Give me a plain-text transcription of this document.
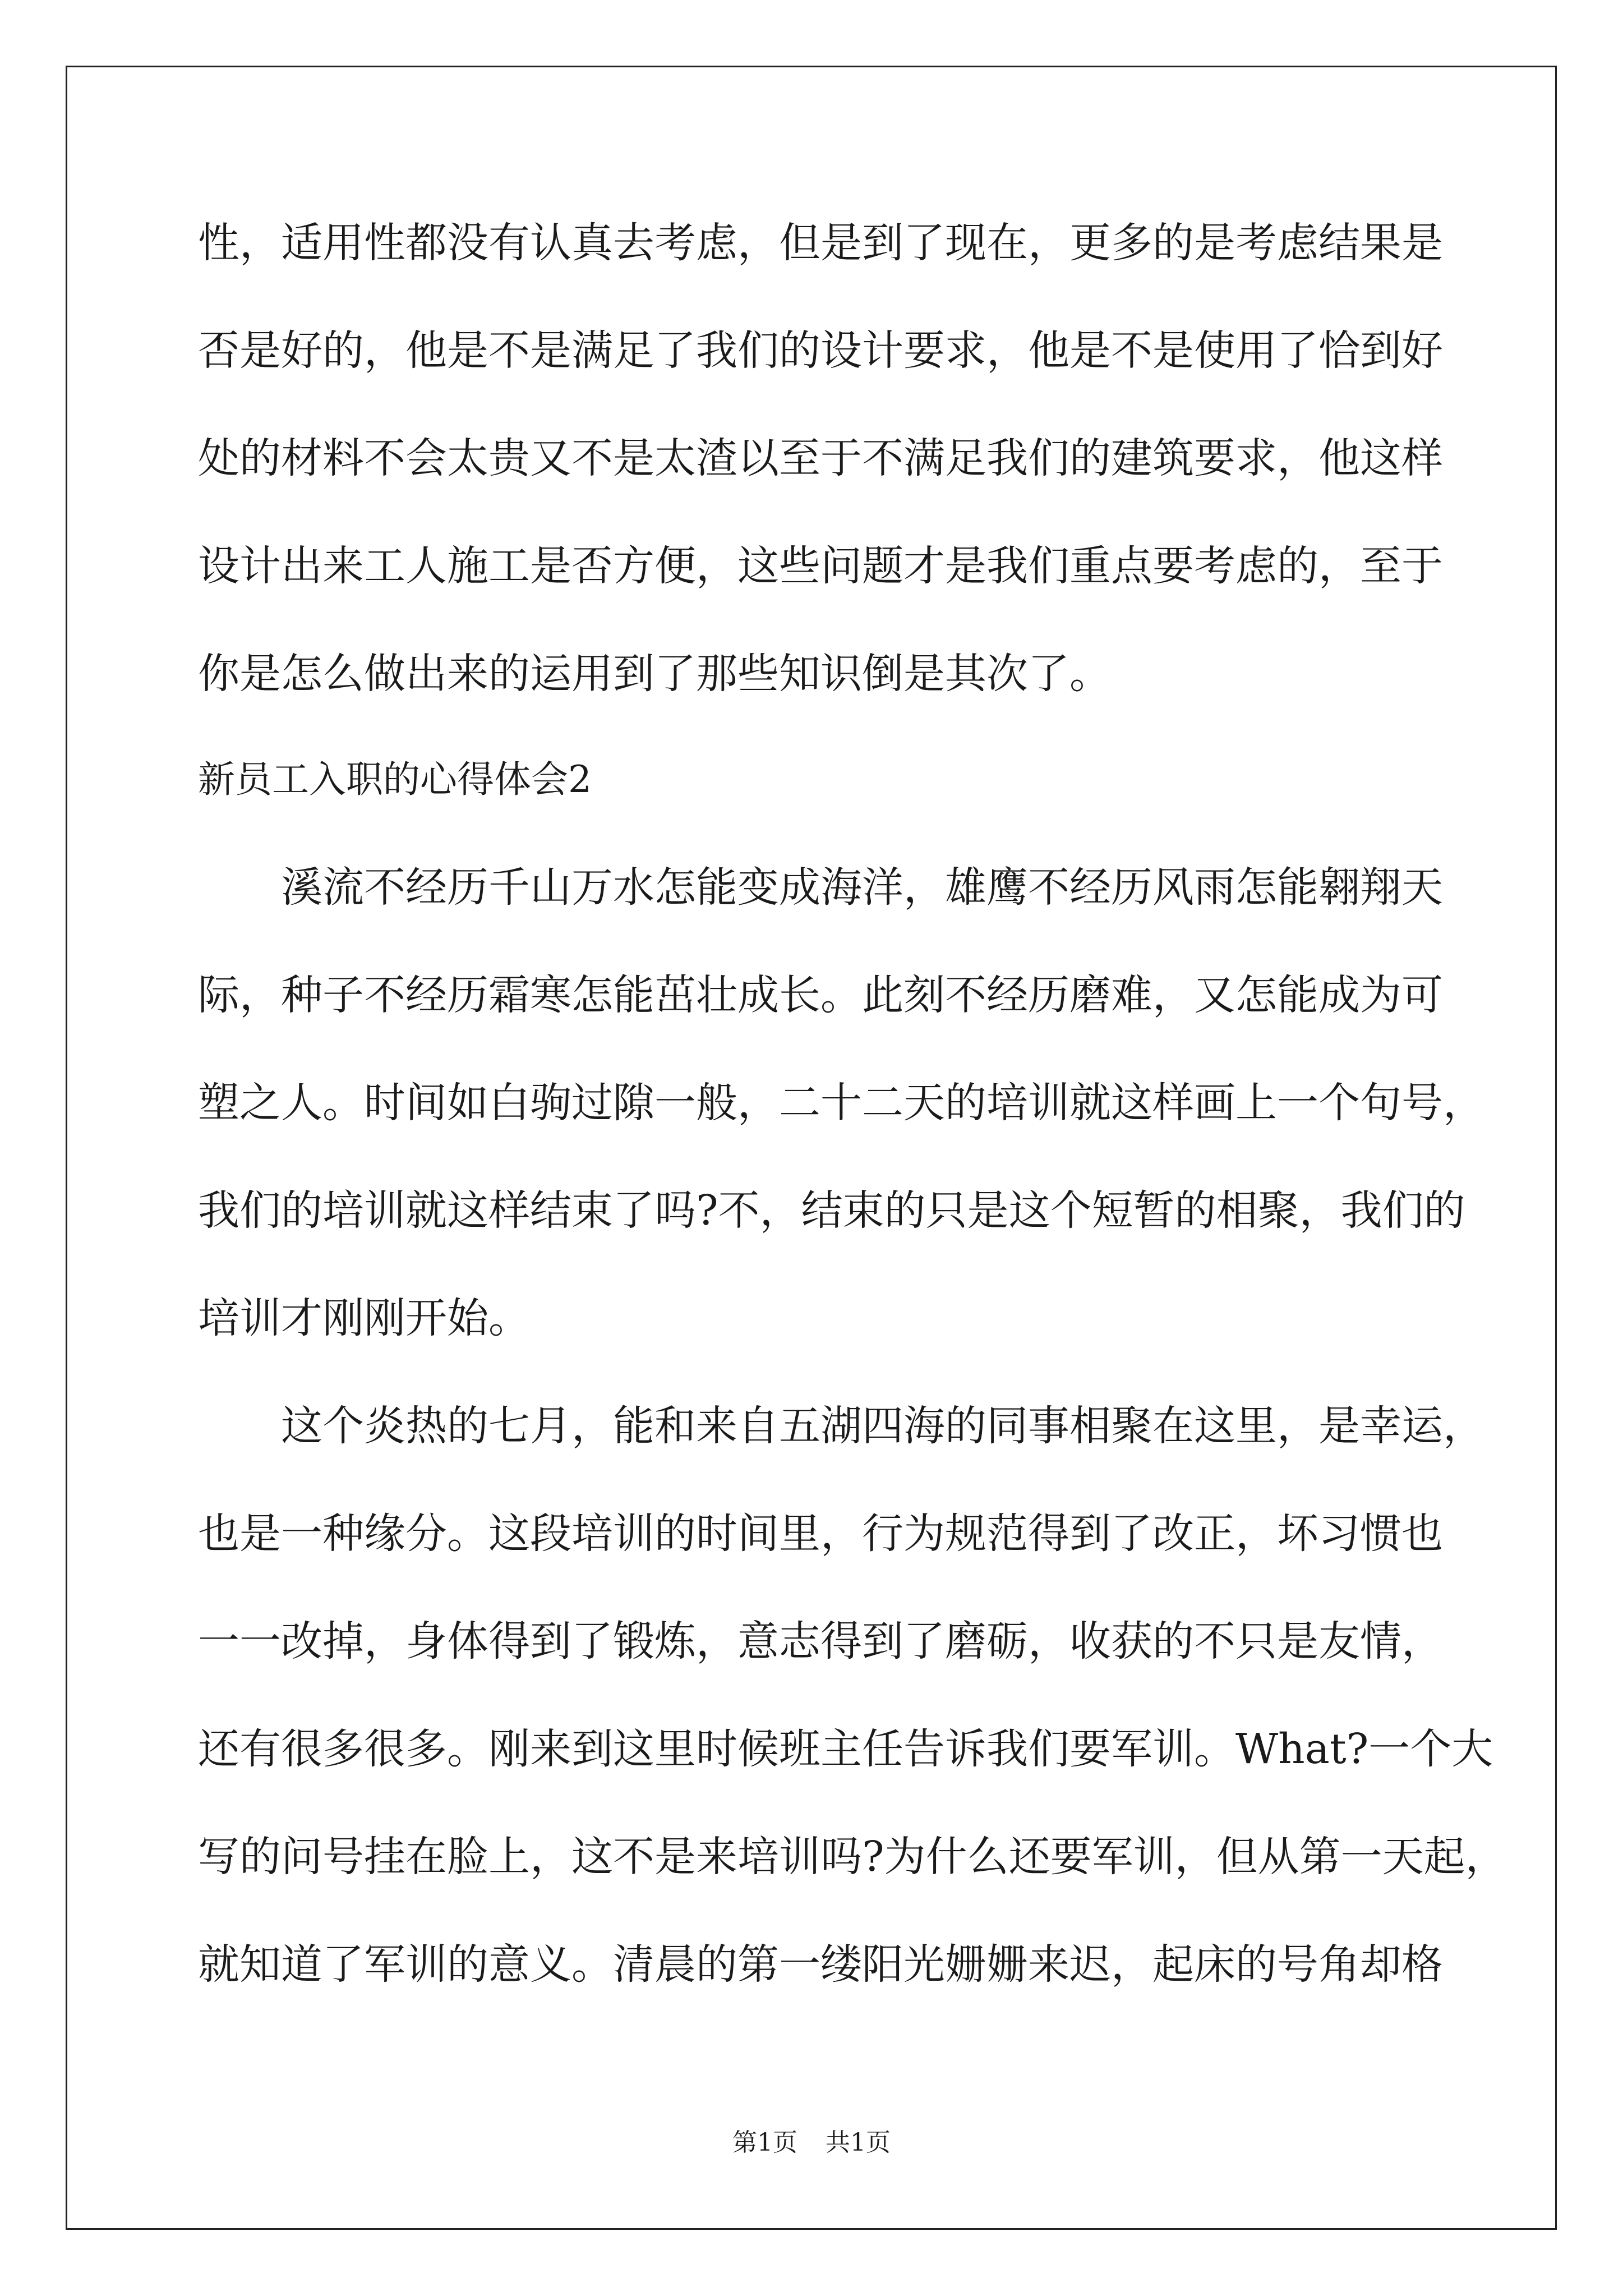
性，适用性都没有认真去考虑，但是到了现在，更多的是考虑结果是
否是好的，他是不是满足了我们的设计要求，他是不是使用了恰到好
处的材料不会太贵又不是太渣以至于不满足我们的建筑要求，他这样
设计出来工人施工是否方便，这些问题才是我们重点要考虑的，至于
你是怎么做出来的运用到了那些知识倒是其次了。
新员工入职的心得体会2
溪流不经历千山万水怎能变成海洋，雄鹰不经历风雨怎能翱翔天
际，种子不经历霜寒怎能茁壮成长。此刻不经历磨难，又怎能成为可
塑之人。时间如白驹过隙一般，二十二天的培训就这样画上一个句号，
我们的培训就这样结束了吗?不，结束的只是这个短暂的相聚，我们的
培训才刚刚开始。
这个炎热的七月，能和来自五湖四海的同事相聚在这里，是幸运，
也是一种缘分。这段培训的时间里，行为规范得到了改正，坏习惯也
一一改掉，身体得到了锻炼，意志得到了磨砺，收获的不只是友情，
还有很多很多。刚来到这里时候班主任告诉我们要军训。What?一个大
写的问号挂在脸上，这不是来培训吗?为什么还要军训，但从第一天起，
就知道了军训的意义。清晨的第一缕阳光姗姗来迟，起床的号角却格
第1页 共1页
